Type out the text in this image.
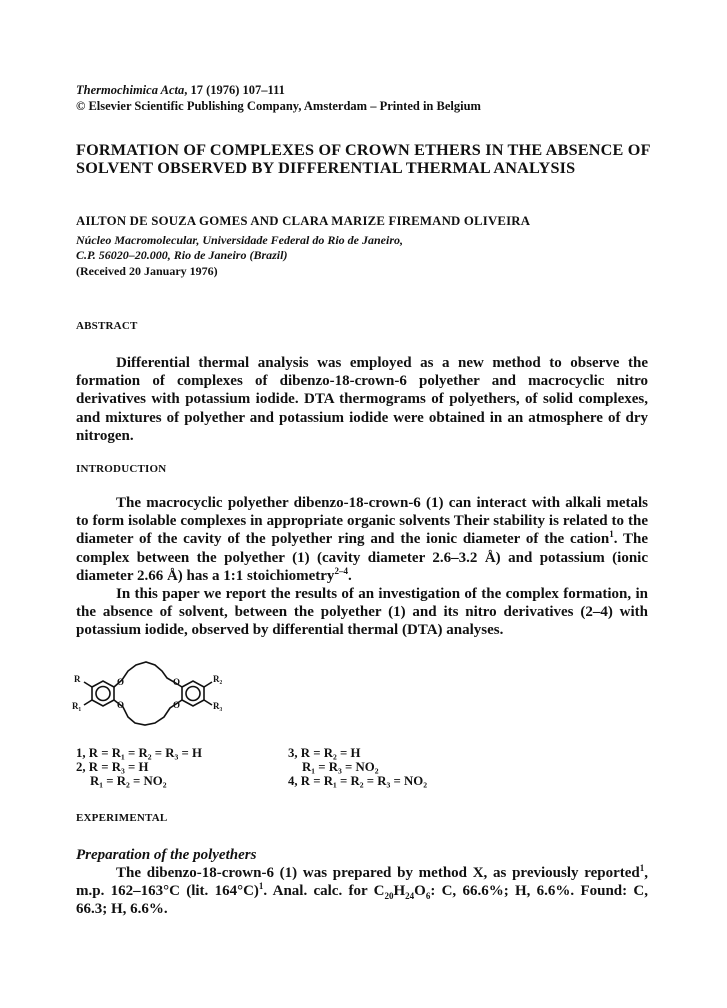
Thermochimica Acta, 17 (1976) 107–111
© Elsevier Scientific Publishing Company, Amsterdam – Printed in Belgium
FORMATION OF COMPLEXES OF CROWN ETHERS IN THE ABSENCE OF SOLVENT OBSERVED BY DIFFERENTIAL THERMAL ANALYSIS
AILTON DE SOUZA GOMES AND CLARA MARIZE FIREMAND OLIVEIRA
Núcleo Macromolecular, Universidade Federal do Rio de Janeiro,
C.P. 56020–20.000, Rio de Janeiro (Brazil)
(Received 20 January 1976)
ABSTRACT

Differential thermal analysis was employed as a new method to observe the formation of complexes of dibenzo-18-crown-6 polyether and macrocyclic nitro derivatives with potassium iodide. DTA thermograms of polyethers, of solid complexes, and mixtures of polyether and potassium iodide were obtained in an atmosphere of dry nitrogen.

INTRODUCTION

The macrocyclic polyether dibenzo-18-crown-6 (1) can interact with alkali metals to form isolable complexes in appropriate organic solvents Their stability is related to the diameter of the cavity of the polyether ring and the ionic diameter of the cation$^1$. The complex between the polyether (1) (cavity diameter 2.6–3.2 Å) and potassium (ionic diameter 2.66 Å) has a 1:1 stoichiometry$^{2-4}$.

In this paper we report the results of an investigation of the complex formation, in the absence of solvent, between the polyether (1) and its nitro derivatives (2–4) with potassium iodide, observed by differential thermal (DTA) analyses.

R
R₁
R₂
R₃
O
O
O
O
1, R = R₁ = R₂ = R₃ = H
2, R = R₃ = H
R₁ = R₂ = NO₂
3, R = R₂ = H
R₁ = R₃ = NO₂
4, R = R₁ = R₂ = R₃ = NO₂
EXPERIMENTAL
Preparation of the polyethers

The dibenzo-18-crown-6 (1) was prepared by method X, as previously reported$^1$, m.p. 162–163°C (lit. 164°C)$^1$. Anal. calc. for $C_{20}H_{24}O_6$: C, 66.6%; H, 6.6%. Found: C, 66.3; H, 6.6%.
